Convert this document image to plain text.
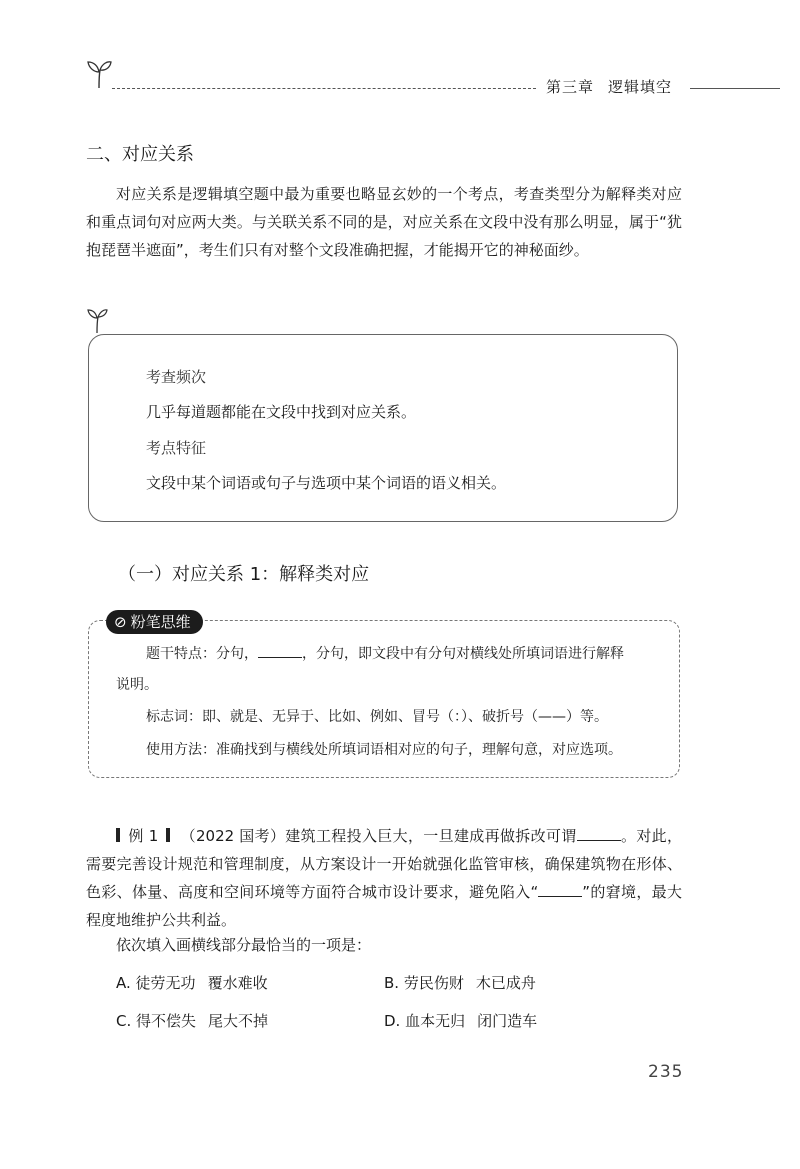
第三章 逻辑填空
二、对应关系
对应关系是逻辑填空题中最为重要也略显玄妙的一个考点，考查类型分为解释类对应和重点词句对应两大类。与关联关系不同的是，对应关系在文段中没有那么明显，属于“犹抱琵琶半遮面”，考生们只有对整个文段准确把握，才能揭开它的神秘面纱。
考查频次
几乎每道题都能在文段中找到对应关系。
考点特征
文段中某个词语或句子与选项中某个词语的语义相关。
（一）对应关系 1：解释类对应
⊘ 粉笔思维
题干特点：分句，	，分句，即文段中有分句对横线处所填词语进行解释
说明。
标志词：即、就是、无异于、比如、例如、冒号（：）、破折号（——）等。
使用方法：准确找到与横线处所填词语相对应的句子，理解句意，对应选项。
例 1 （2022 国考）建筑工程投入巨大，一旦建成再做拆改可谓	。对此，需要完善设计规范和管理制度，从方案设计一开始就强化监管审核，确保建筑物在形体、色彩、体量、高度和空间环境等方面符合城市设计要求，避免陷入“	”的窘境，最大程度地维护公共利益。
依次填入画横线部分最恰当的一项是：
A. 徒劳无功 覆水难收	B. 劳民伤财 木已成舟
C. 得不偿失 尾大不掉	D. 血本无归 闭门造车
235
